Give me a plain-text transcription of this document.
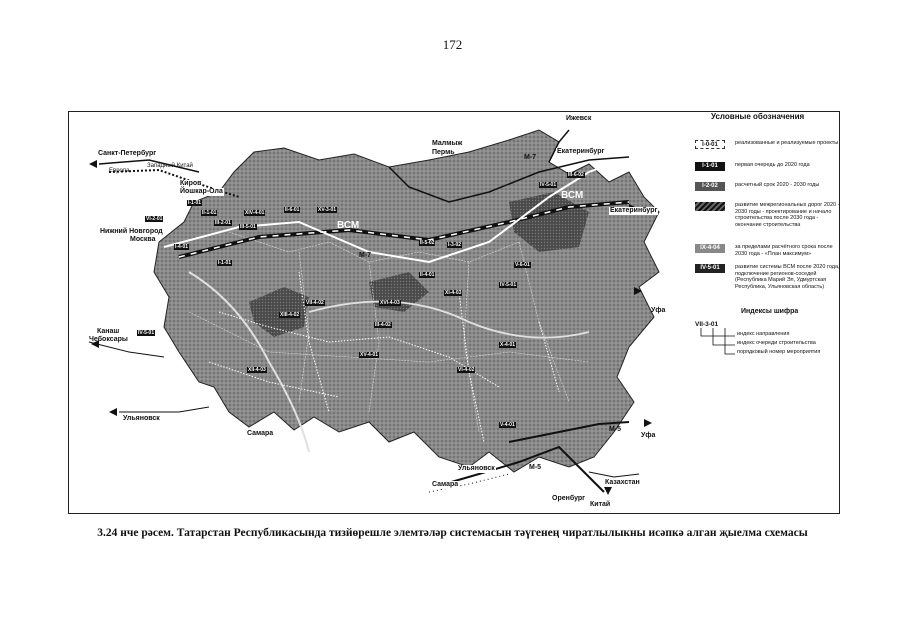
172
Санкт-Петербург
Европа
Западный Китай
Киров
Йошкар-Ола
Нижний Новгород
Москва
Канаш
Чебоксары
Ульяновск
Самара
Ульяновск
Самара
Оренбург
Казахстан
Китай
Уфа
Уфа
Екатеринбург
Екатеринбург
Ижевск
Малмыж
Пермь
М-7
М-7
М-5
М-5
ВСМ
ВСМ
I-1-01
II-1-01
VI-2-01
III-2-01
I-4-01
XIV-4-01
III-5-01
II-6-01	XV-3-01
IV-5-01
III-6-02
I-1-01
XIII-4-02
II-4-01
VII-4-02	XVI-4-03
XI-4-03
V-6-01
IV-5-01
XII-4-03
XV-4-01
VI-4-02
X-4-01
III-4-02
I-3-02
V-4-01
IV-5-01
II-5-02
Условные обозначения
I-0-01	реализованные и реализуемые проекты
I-1-01	первая очередь до 2020 года
I-2-02	расчетный срок 2020 - 2030 годы
развитие межрегиональных дорог 2020 - 2030 годы - проектирование и начало строительства после 2030 года - окончание строительства
IX-4-04	за пределами расчётного срока после 2030 года - «План максимум»
IV-5-01	развитие системы ВСМ после 2020 года, подключение регионов-соседей (Республика Марий Эл, Удмуртская Республика, Ульяновская область)
Индексы шифра
VII-3-01
индекс направления
индекс очереди строительства
порядковый номер мероприятия
3.24 нче рәсем. Татарстан Республикасында тизйөрешле элемтәләр системасын тәүгенең чиратлылыкны исәпкә алган җыелма схемасы
